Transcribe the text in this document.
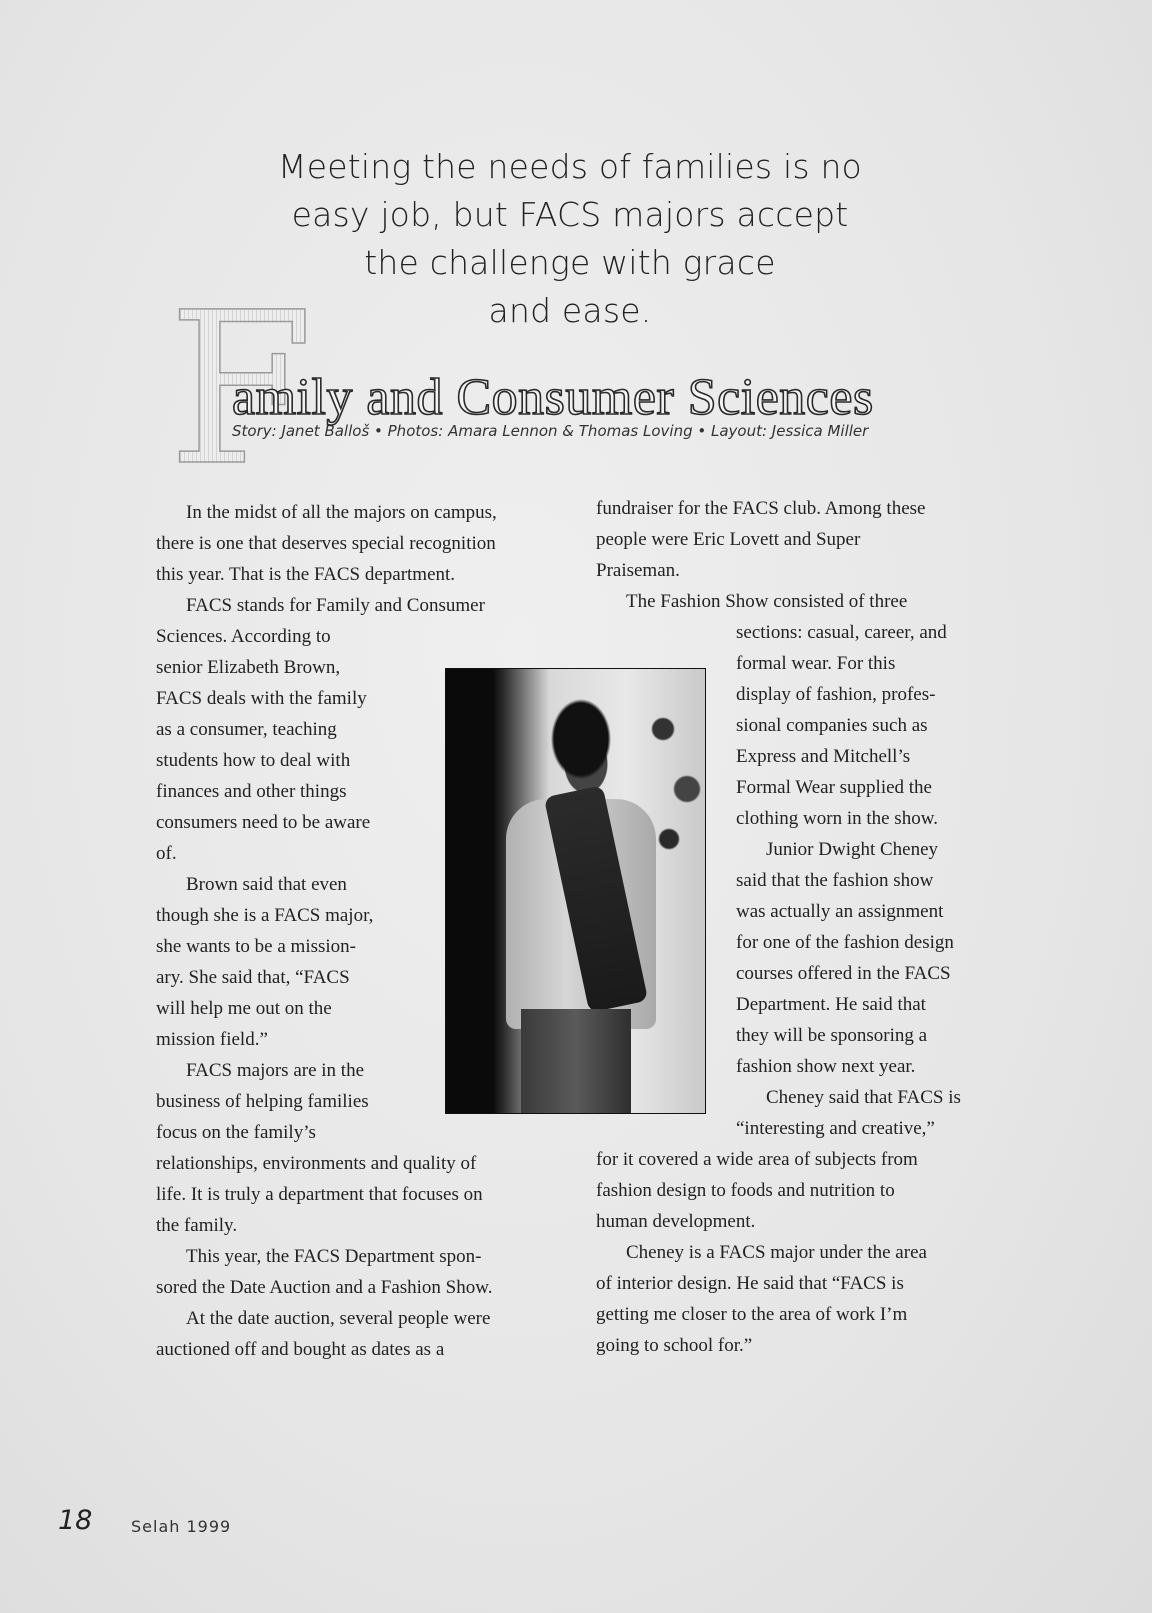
Meeting the needs of families is no
easy job, but FACS majors accept
the challenge with grace
and ease.
F
amily and Consumer Sciences
Story: Janet Balloš • Photos: Amara Lennon & Thomas Loving • Layout: Jessica Miller

In the midst of all the majors on campus,

there is one that deserves special recognition

this year. That is the FACS department.

FACS stands for Family and Consumer

Sciences. According to

senior Elizabeth Brown,

FACS deals with the family

as a consumer, teaching

students how to deal with

finances and other things

consumers need to be aware

of.

Brown said that even

though she is a FACS major,

she wants to be a mission-

ary. She said that, “FACS

will help me out on the

mission field.”

FACS majors are in the

business of helping families

focus on the family’s

relationships, environments and quality of

life. It is truly a department that focuses on

the family.

This year, the FACS Department spon-

sored the Date Auction and a Fashion Show.

At the date auction, several people were

auctioned off and bought as dates as a

fundraiser for the FACS club. Among these

people were Eric Lovett and Super

Praiseman.

The Fashion Show consisted of three

sections: casual, career, and

formal wear. For this

display of fashion, profes-

sional companies such as

Express and Mitchell’s

Formal Wear supplied the

clothing worn in the show.

Junior Dwight Cheney

said that the fashion show

was actually an assignment

for one of the fashion design

courses offered in the FACS

Department. He said that

they will be sponsoring a

fashion show next year.

Cheney said that FACS is

“interesting and creative,”

for it covered a wide area of subjects from

fashion design to foods and nutrition to

human development.

Cheney is a FACS major under the area

of interior design. He said that “FACS is

getting me closer to the area of work I’m

going to school for.”

18 Selah 1999
